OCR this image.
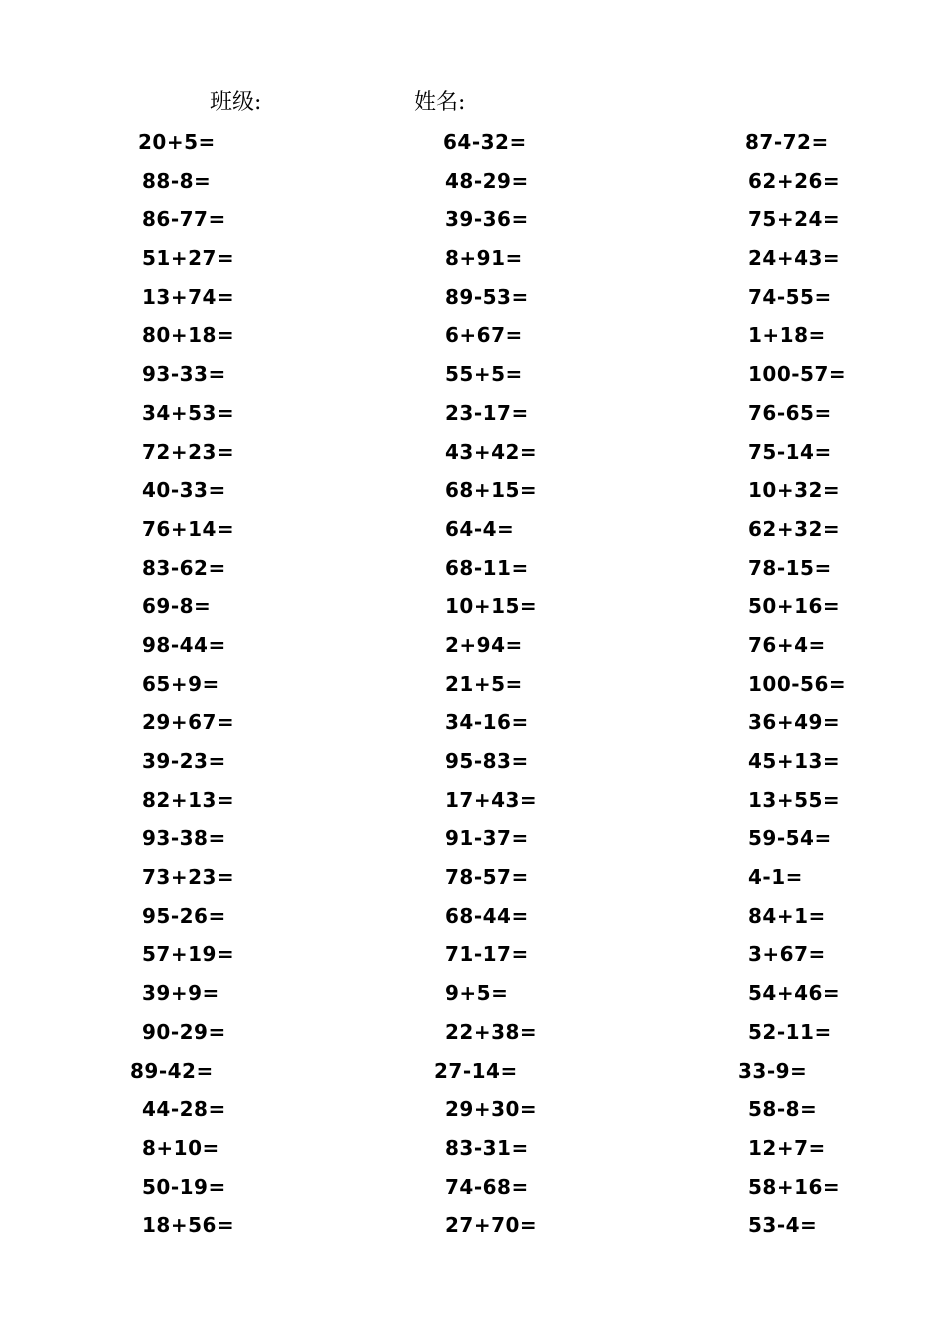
班级:	姓名:
20+5=	64-32=	87-72=
88-8=	48-29=	62+26=
86-77=	39-36=	75+24=
51+27=	8+91=	24+43=
13+74=	89-53=	74-55=
80+18=	6+67=	1+18=
93-33=	55+5=	100-57=
34+53=	23-17=	76-65=
72+23=	43+42=	75-14=
40-33=	68+15=	10+32=
76+14=	64-4=	62+32=
83-62=	68-11=	78-15=
69-8=	10+15=	50+16=
98-44=	2+94=	76+4=
65+9=	21+5=	100-56=
29+67=	34-16=	36+49=
39-23=	95-83=	45+13=
82+13=	17+43=	13+55=
93-38=	91-37=	59-54=
73+23=	78-57=	4-1=
95-26=	68-44=	84+1=
57+19=	71-17=	3+67=
39+9=	9+5=	54+46=
90-29=	22+38=	52-11=
89-42=	27-14=	33-9=
44-28=	29+30=	58-8=
8+10=	83-31=	12+7=
50-19=	74-68=	58+16=
18+56=	27+70=	53-4=
